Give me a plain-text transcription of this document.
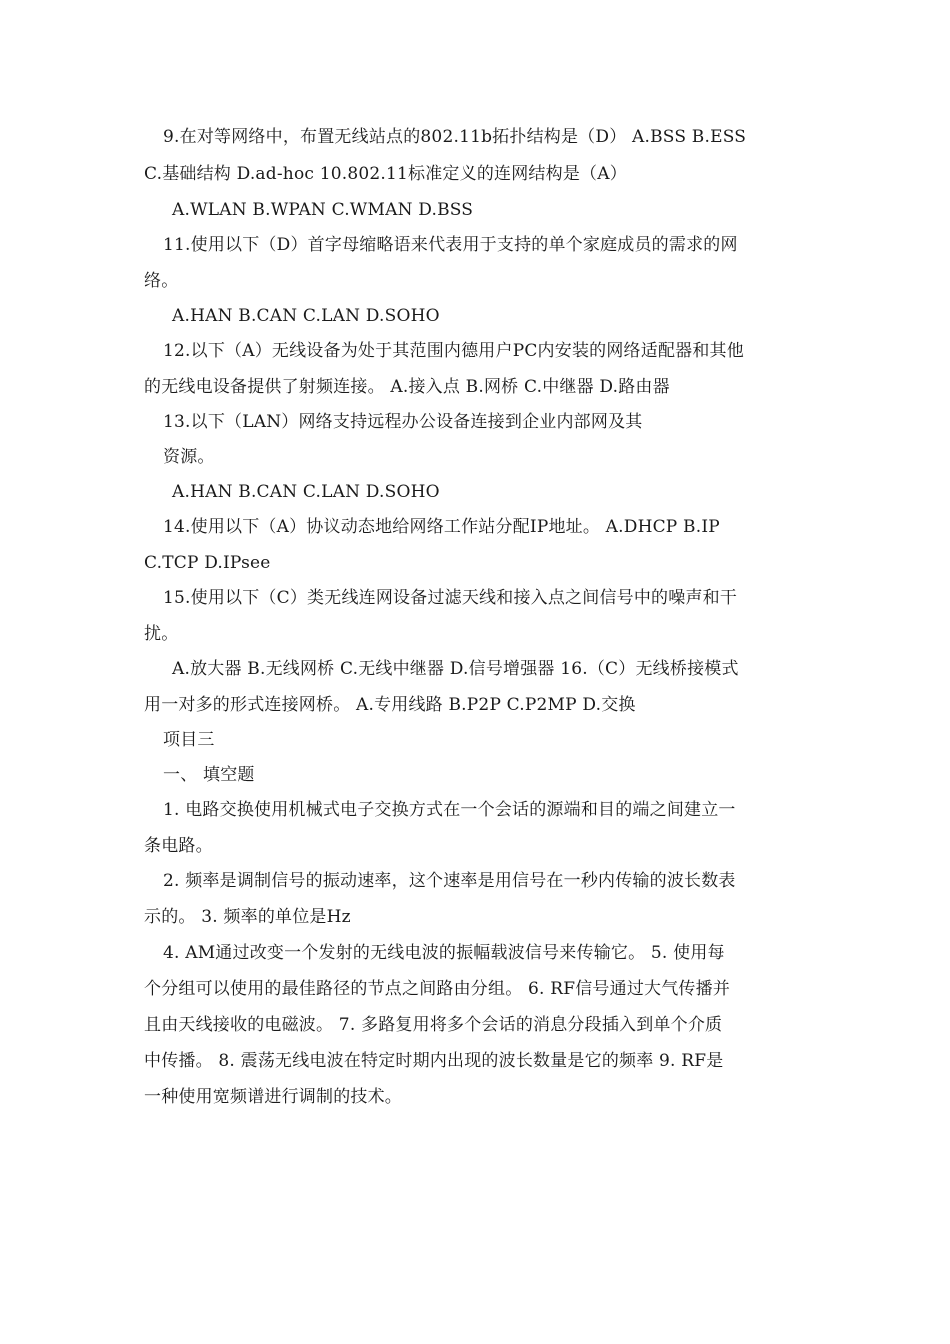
9.在对等网络中，布置无线站点的802.11b拓扑结构是（D） A.BSS B.ESS
C.基础结构 D.ad-hoc 10.802.11标准定义的连网结构是（A）
A.WLAN B.WPAN C.WMAN D.BSS
11.使用以下（D）首字母缩略语来代表用于支持的单个家庭成员的需求的网
络。
A.HAN B.CAN C.LAN D.SOHO
12.以下（A）无线设备为处于其范围内德用户PC内安装的网络适配器和其他
的无线电设备提供了射频连接。 A.接入点 B.网桥 C.中继器 D.路由器
13.以下（LAN）网络支持远程办公设备连接到企业内部网及其
资源。
A.HAN B.CAN C.LAN D.SOHO
14.使用以下（A）协议动态地给网络工作站分配IP地址。 A.DHCP B.IP
C.TCP D.IPsee
15.使用以下（C）类无线连网设备过滤天线和接入点之间信号中的噪声和干
扰。
A.放大器 B.无线网桥 C.无线中继器 D.信号增强器 16.（C）无线桥接模式
用一对多的形式连接网桥。 A.专用线路 B.P2P C.P2MP D.交换
项目三
一、 填空题
1. 电路交换使用机械式电子交换方式在一个会话的源端和目的端之间建立一
条电路。
2. 频率是调制信号的振动速率，这个速率是用信号在一秒内传输的波长数表
示的。 3. 频率的单位是Hz
4. AM通过改变一个发射的无线电波的振幅载波信号来传输它。 5. 使用每
个分组可以使用的最佳路径的节点之间路由分组。 6. RF信号通过大气传播并
且由天线接收的电磁波。 7. 多路复用将多个会话的消息分段插入到单个介质
中传播。 8. 震荡无线电波在特定时期内出现的波长数量是它的频率 9. RF是
一种使用宽频谱进行调制的技术。
